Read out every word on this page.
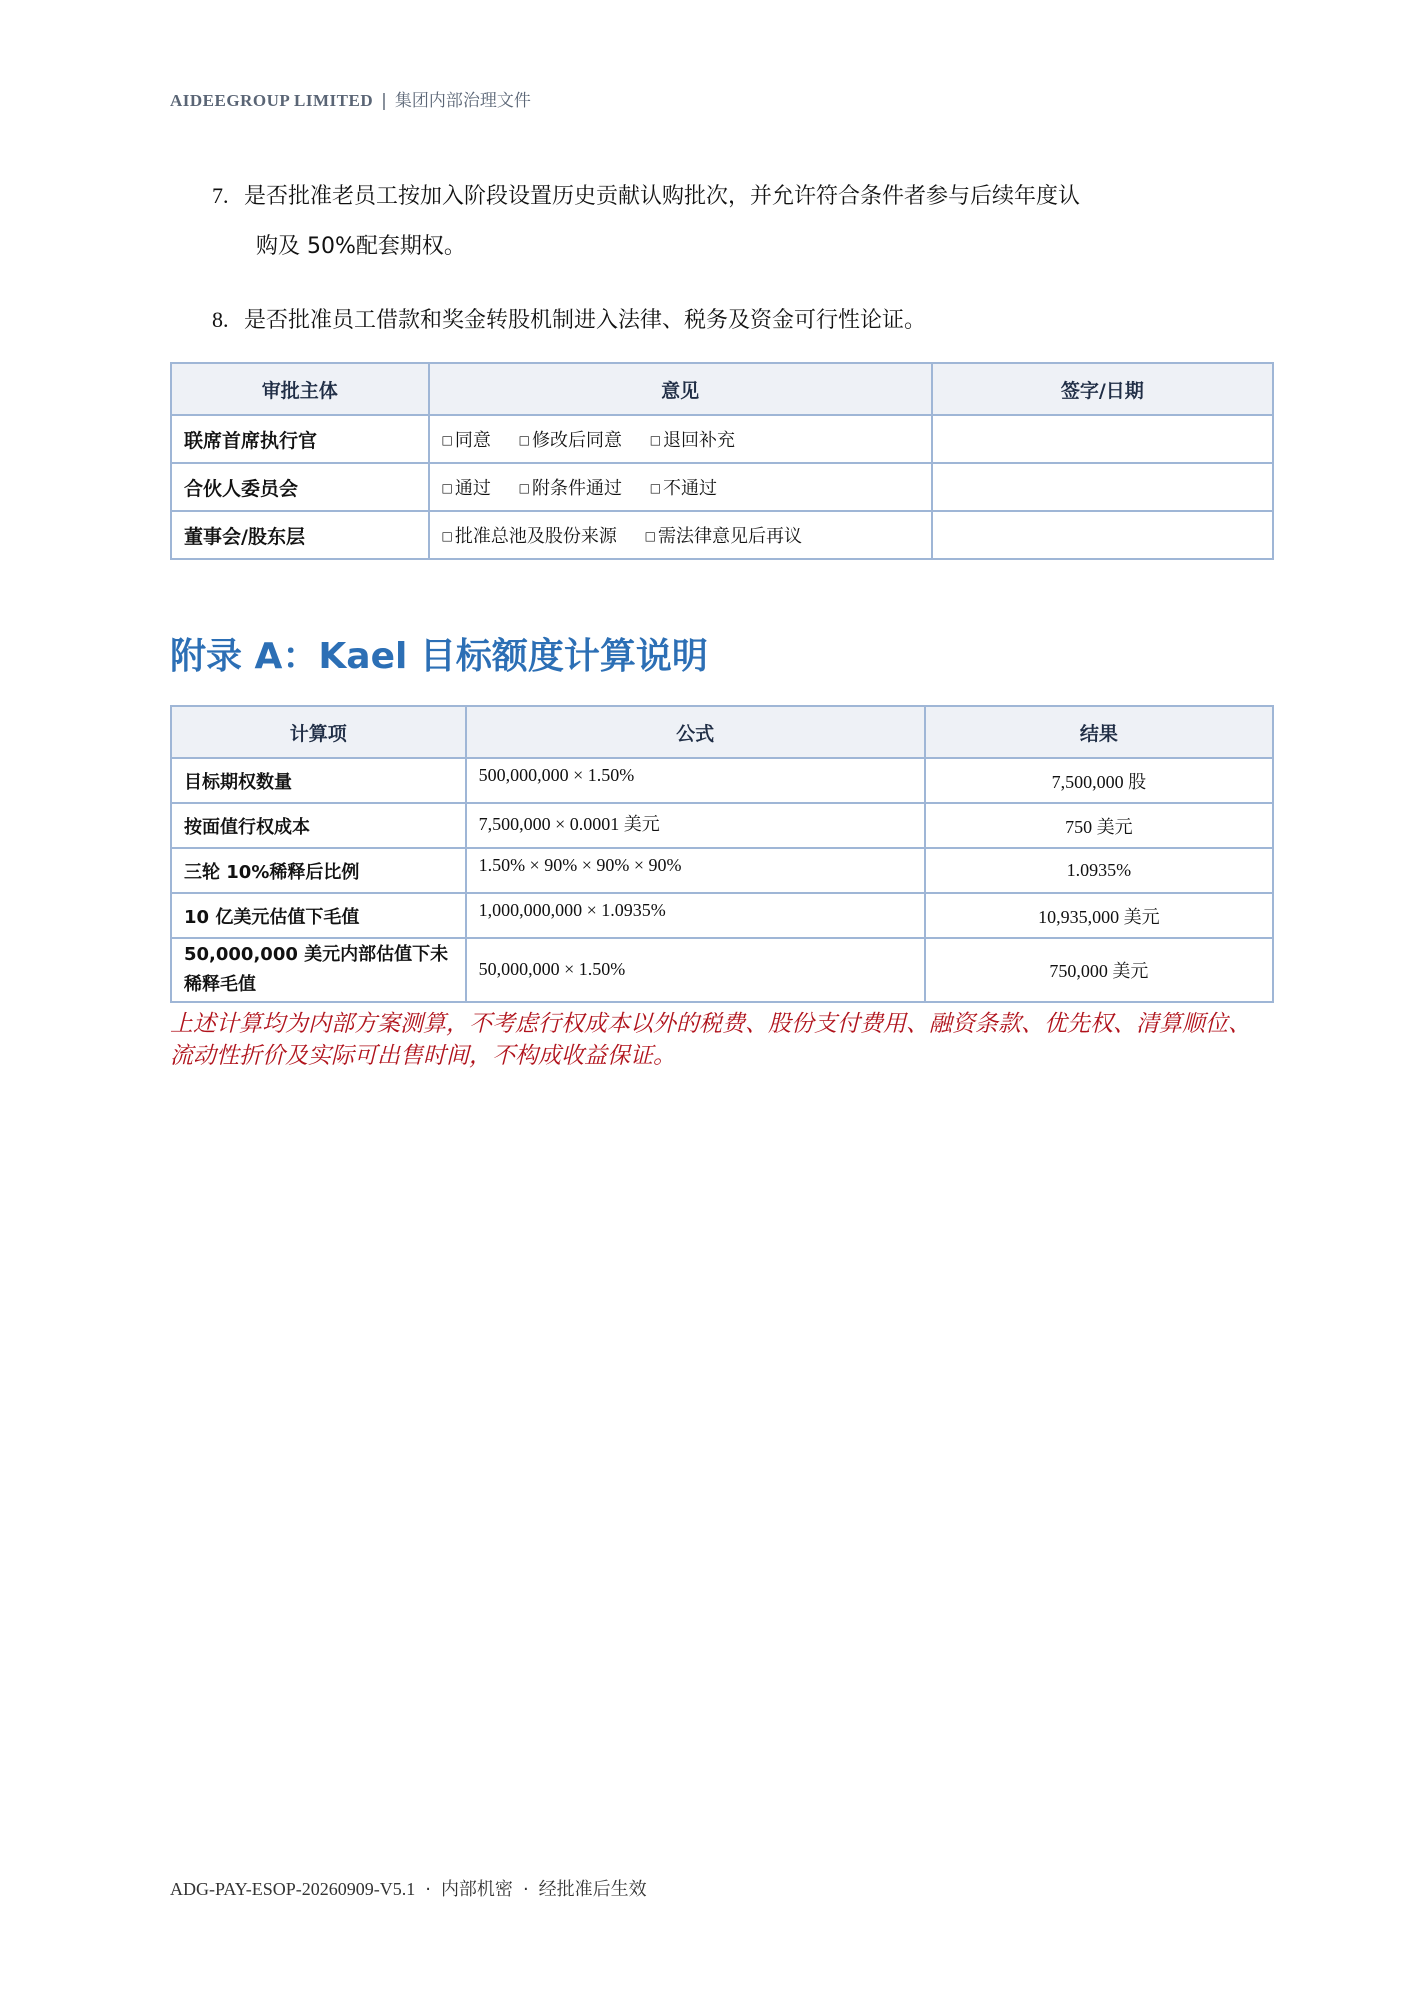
AIDEEGROUP LIMITED | 集团内部治理文件
7. 是否批准老员工按加入阶段设置历史贡献认购批次，并允许符合条件者参与后续年度认
购及 50%配套期权。
8. 是否批准员工借款和奖金转股机制进入法律、税务及资金可行性论证。
审批主体	意见	签字/日期
联席首席执行官	□ 同意 □ 修改后同意 □ 退回补充	
合伙人委员会	□ 通过 □ 附条件通过 □ 不通过	
董事会/股东层	□ 批准总池及股份来源 □ 需法律意见后再议	
附录 A：Kael 目标额度计算说明
计算项	公式	结果
目标期权数量	500,000,000 × 1.50%	7,500,000 股
按面值行权成本	7,500,000 × 0.0001 美元	750 美元
三轮 10%稀释后比例	1.50% × 90% × 90% × 90%	1.0935%
10 亿美元估值下毛值	1,000,000,000 × 1.0935%	10,935,000 美元
50,000,000 美元内部估值下未稀释毛值	50,000,000 × 1.50%	750,000 美元
上述计算均为内部方案测算，不考虑行权成本以外的税费、股份支付费用、融资条款、优先权、清算顺位、流动性折价及实际可出售时间，不构成收益保证。
ADG-PAY-ESOP-20260909-V5.1 · 内部机密 · 经批准后生效
